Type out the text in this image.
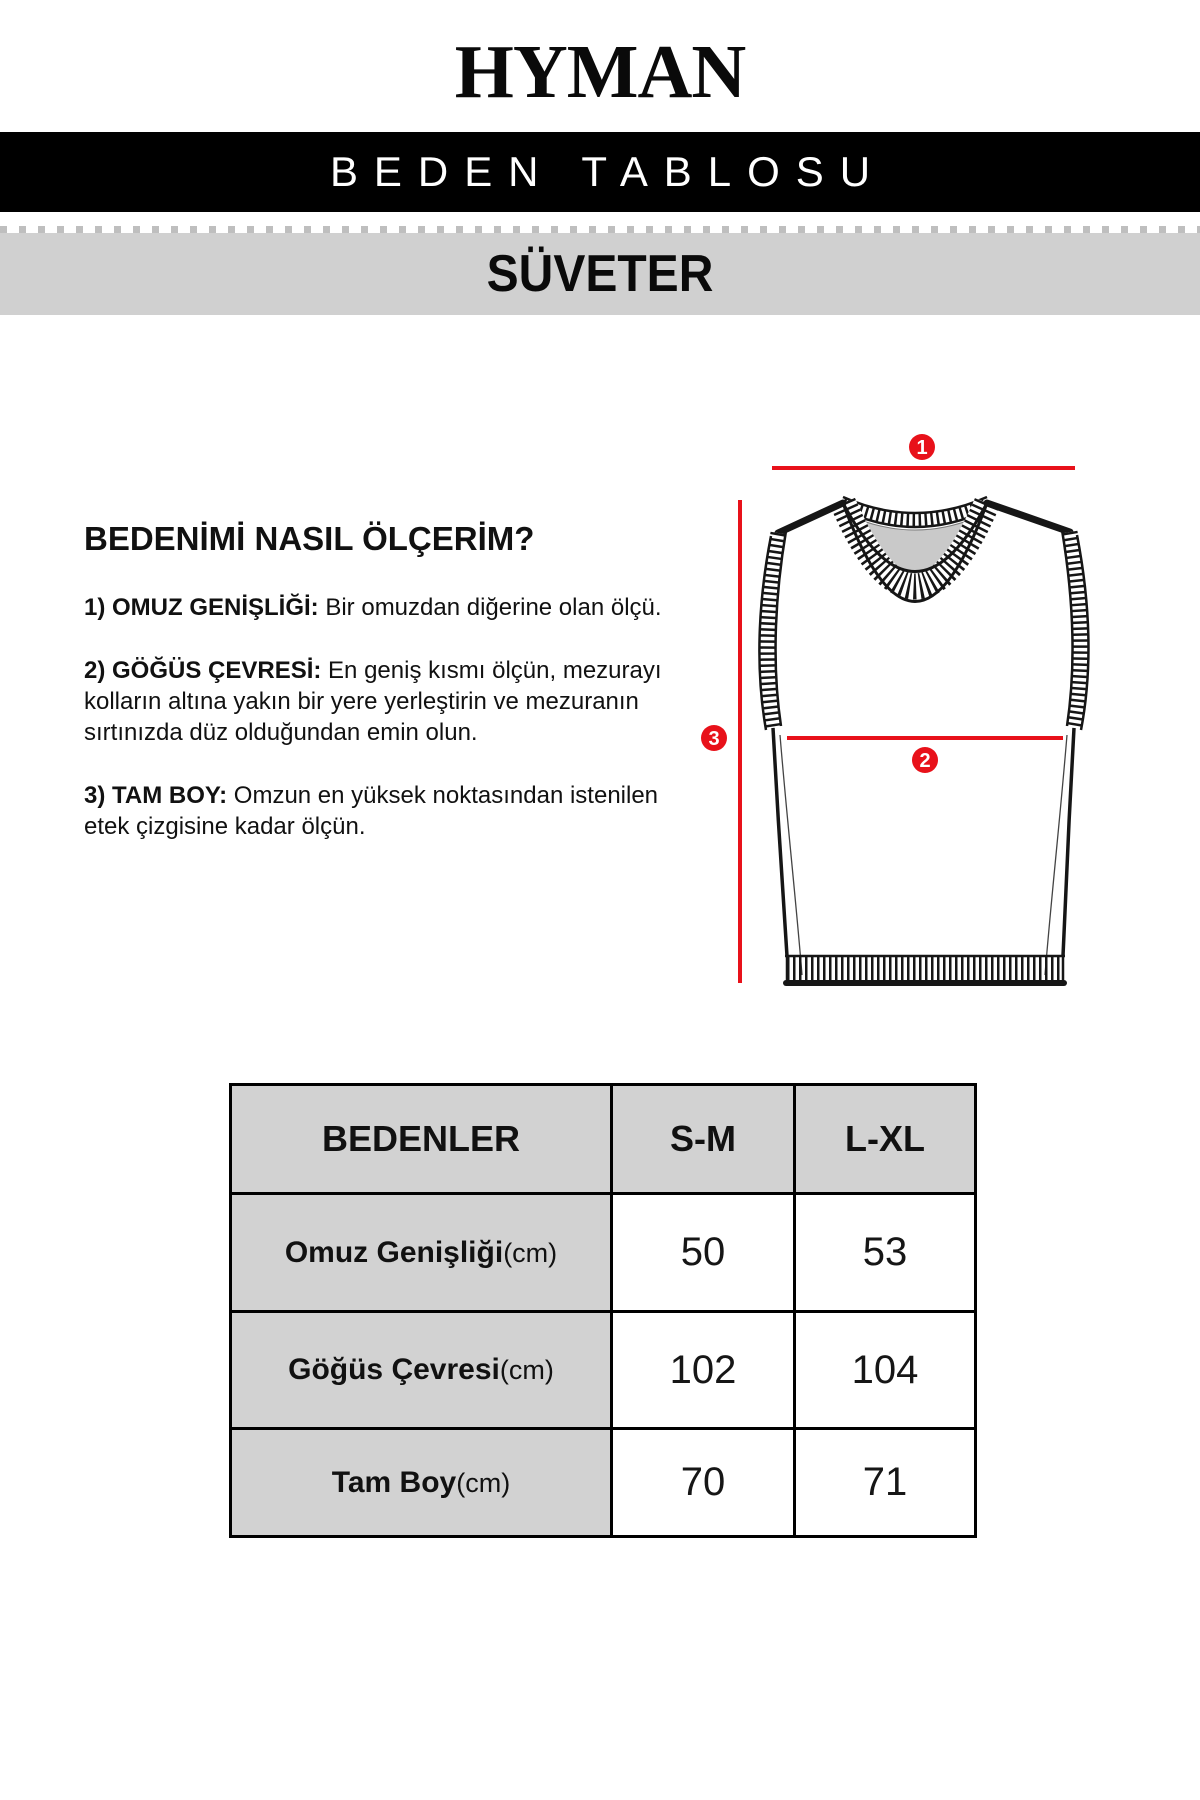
HYMAN
BEDEN TABLOSU
SÜVETER
BEDENİMİ NASIL ÖLÇERİM?

1) OMUZ GENİŞLİĞİ: Bir omuzdan diğerine olan ölçü.

2) GÖĞÜS ÇEVRESİ: En geniş kısmı ölçün, mezurayı kolların altına yakın bir yere yerleştirin ve mezuranın sırtınızda düz olduğundan emin olun.

3) TAM BOY: Omzun en yüksek noktasından istenilen etek çizgisine kadar ölçün.

1
2
3
BEDENLER	S-M	L-XL
Omuz Genişliği(cm)	50	53
Göğüs Çevresi(cm)	102	104
Tam Boy(cm)	70	71
